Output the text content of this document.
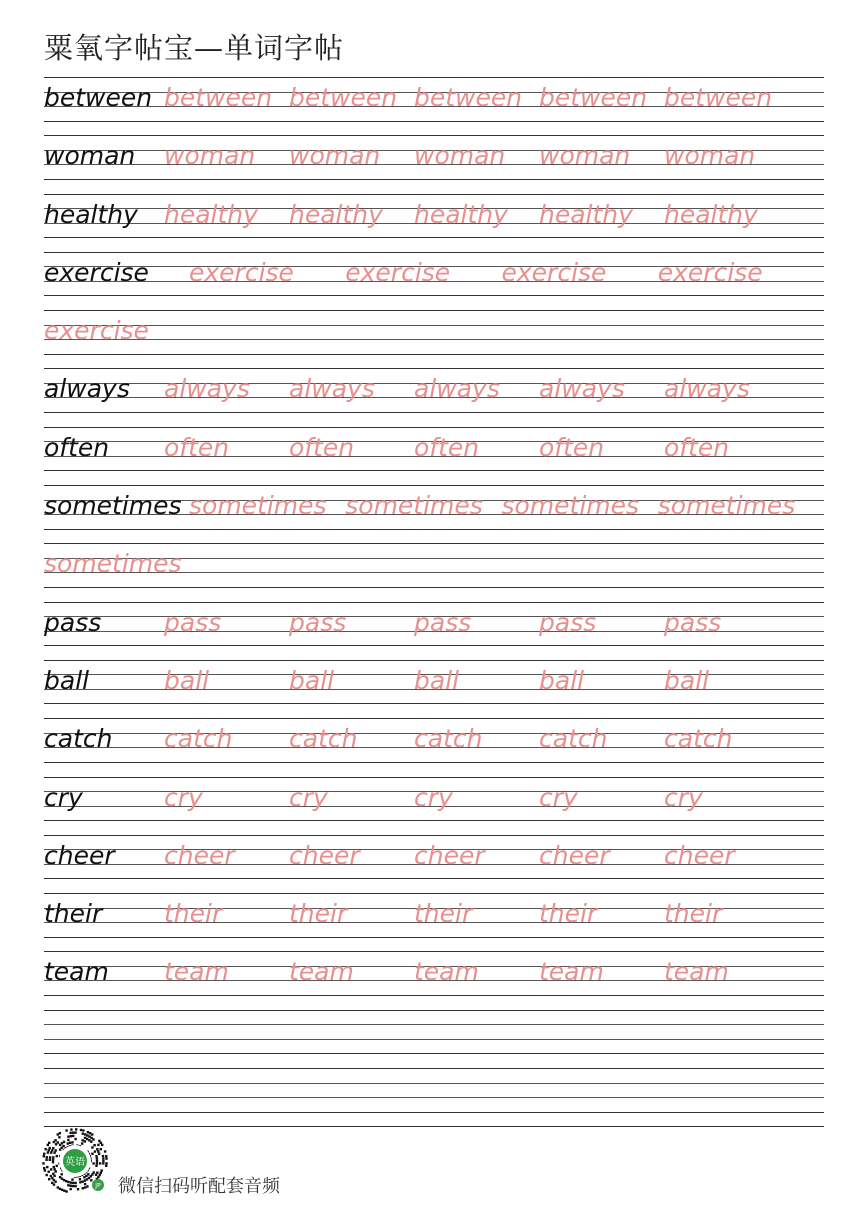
粟氧字帖宝—单词字帖
between between between between between between
woman woman woman woman woman woman
healthy healthy healthy healthy healthy healthy
exercise exercise exercise exercise exercise
exercise
always always always always always always
often often often often often often
sometimes sometimes sometimes sometimes sometimes
sometimes
pass	pass	pass	pass	pass	pass
ball	ball	ball	ball	ball	ball
catch catch catch catch catch catch
cry	cry	cry	cry	cry	cry
cheer cheer cheer cheer cheer cheer
their their	their	their	their	their
team team team team team team
英语
JP 微信扫码听配套音频
